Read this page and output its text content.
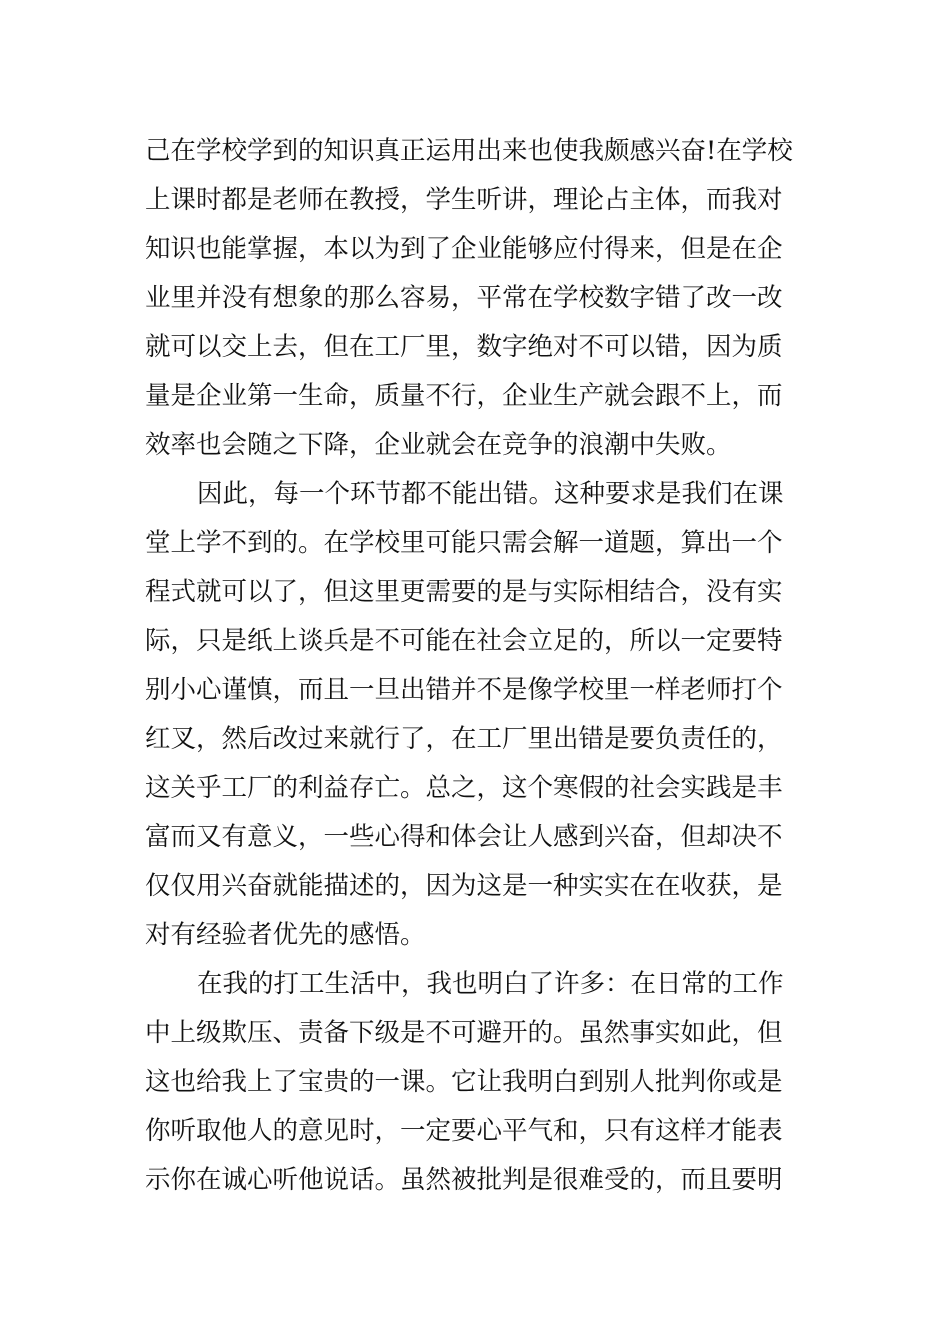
己在学校学到的知识真正运用出来也使我颇感兴奋!在学校
上课时都是老师在教授，学生听讲，理论占主体，而我对
知识也能掌握，本以为到了企业能够应付得来，但是在企
业里并没有想象的那么容易，平常在学校数字错了改一改
就可以交上去，但在工厂里，数字绝对不可以错，因为质
量是企业第一生命，质量不行，企业生产就会跟不上，而
效率也会随之下降，企业就会在竞争的浪潮中失败。
因此，每一个环节都不能出错。这种要求是我们在课
堂上学不到的。在学校里可能只需会解一道题，算出一个
程式就可以了，但这里更需要的是与实际相结合，没有实
际，只是纸上谈兵是不可能在社会立足的，所以一定要特
别小心谨慎，而且一旦出错并不是像学校里一样老师打个
红叉，然后改过来就行了，在工厂里出错是要负责任的，
这关乎工厂的利益存亡。总之，这个寒假的社会实践是丰
富而又有意义，一些心得和体会让人感到兴奋，但却决不
仅仅用兴奋就能描述的，因为这是一种实实在在收获，是
对有经验者优先的感悟。
在我的打工生活中，我也明白了许多：在日常的工作
中上级欺压、责备下级是不可避开的。虽然事实如此，但
这也给我上了宝贵的一课。它让我明白到别人批判你或是
你听取他人的意见时，一定要心平气和，只有这样才能表
示你在诚心听他说话。虽然被批判是很难受的，而且要明
